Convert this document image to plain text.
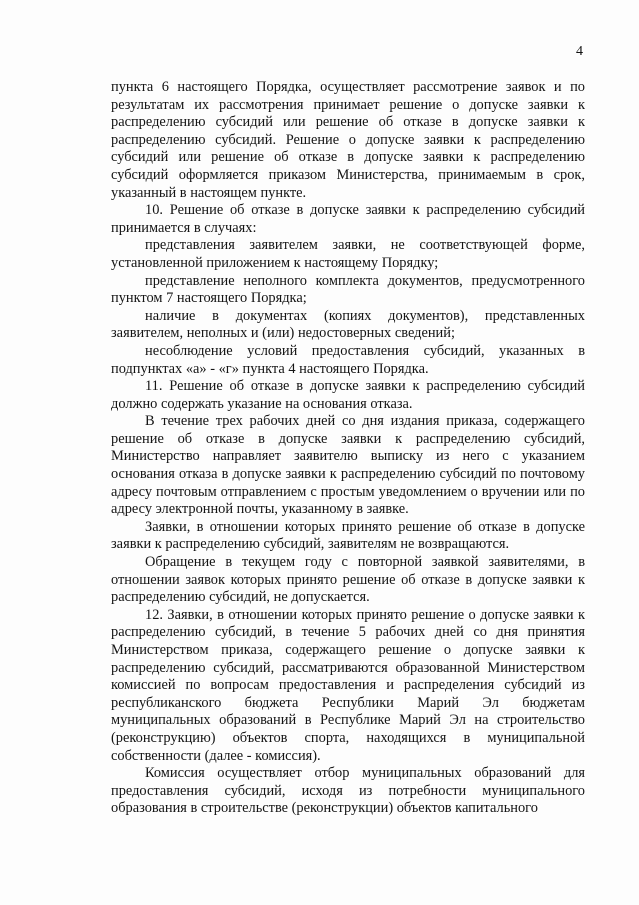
4

пункта 6 настоящего Порядка, осуществляет рассмотрение заявок и по результатам их рассмотрения принимает решение о допуске заявки к распределению субсидий или решение об отказе в допуске заявки к распределению субсидий. Решение о допуске заявки к распределению субсидий или решение об отказе в допуске заявки к распределению субсидий оформляется приказом Министерства, принимаемым в срок, указанный в настоящем пункте.

10. Решение об отказе в допуске заявки к распределению субсидий принимается в случаях:

представления заявителем заявки, не соответствующей форме, установленной приложением к настоящему Порядку;

представление неполного комплекта документов, предусмотренного пунктом 7 настоящего Порядка;

наличие в документах (копиях документов), представленных заявителем, неполных и (или) недостоверных сведений;

несоблюдение условий предоставления субсидий, указанных в подпунктах «а» - «г» пункта 4 настоящего Порядка.

11. Решение об отказе в допуске заявки к распределению субсидий должно содержать указание на основания отказа.

В течение трех рабочих дней со дня издания приказа, содержащего решение об отказе в допуске заявки к распределению субсидий, Министерство направляет заявителю выписку из него с указанием основания отказа в допуске заявки к распределению субсидий по почтовому адресу почтовым отправлением с простым уведомлением о вручении или по адресу электронной почты, указанному в заявке.

Заявки, в отношении которых принято решение об отказе в допуске заявки к распределению субсидий, заявителям не возвращаются.

Обращение в текущем году с повторной заявкой заявителями, в отношении заявок которых принято решение об отказе в допуске заявки к распределению субсидий, не допускается.

12. Заявки, в отношении которых принято решение о допуске заявки к распределению субсидий, в течение 5 рабочих дней со дня принятия Министерством приказа, содержащего решение о допуске заявки к распределению субсидий, рассматриваются образованной Министерством комиссией по вопросам предоставления и распределения субсидий из республиканского бюджета Республики Марий Эл бюджетам муниципальных образований в Республике Марий Эл на строительство (реконструкцию) объектов спорта, находящихся в муниципальной собственности (далее - комиссия).

Комиссия осуществляет отбор муниципальных образований для предоставления субсидий, исходя из потребности муниципального образования в строительстве (реконструкции) объектов капитального
